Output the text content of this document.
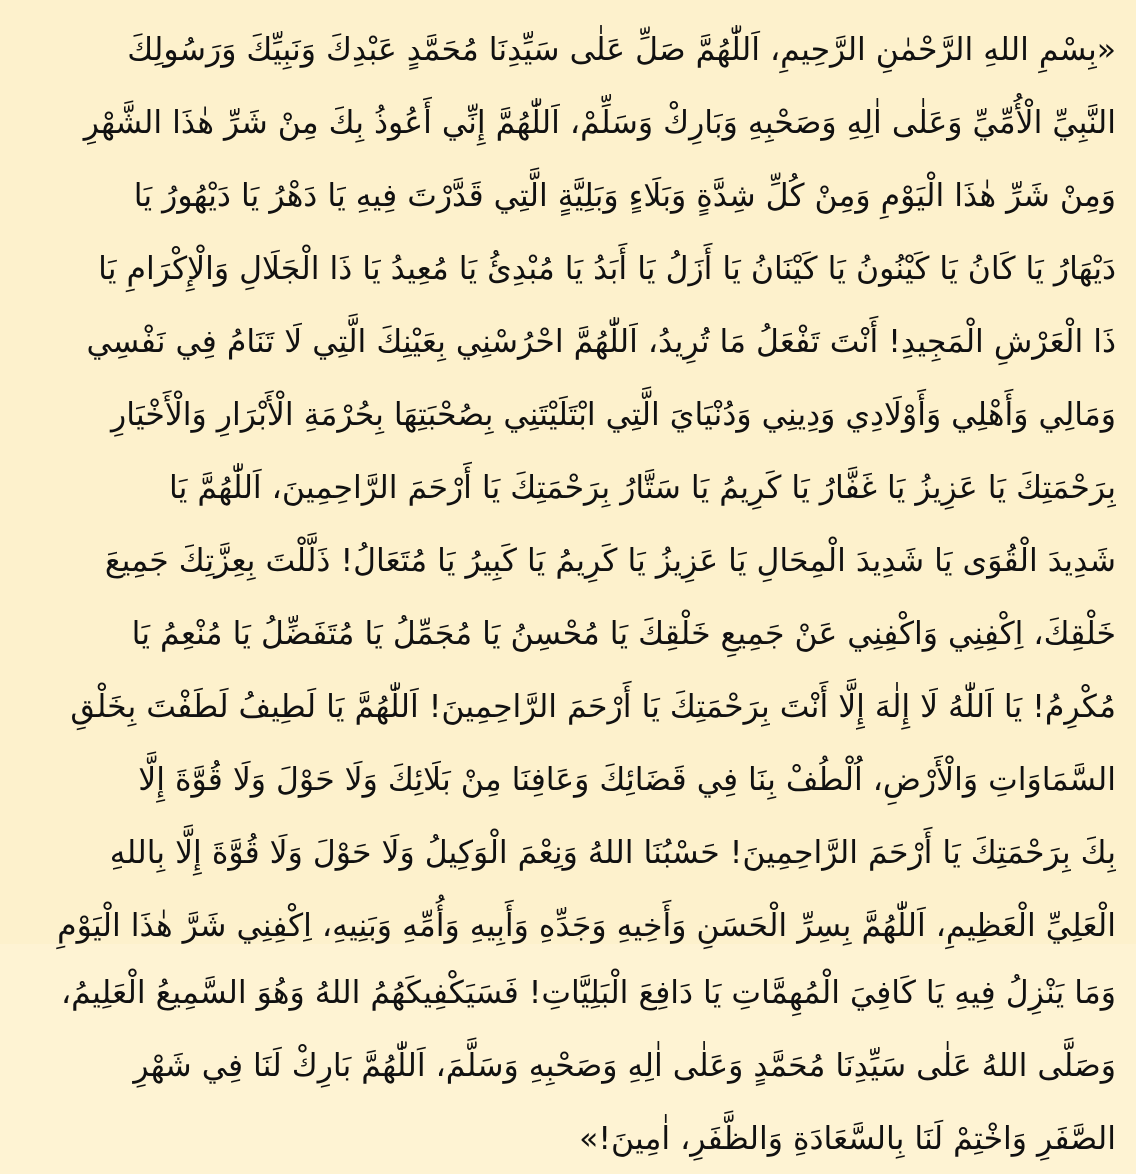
«بِسْمِ اللهِ الرَّحْمٰنِ الرَّحِيمِ، اَللّٰهُمَّ صَلِّ عَلٰى سَيِّدِنَا مُحَمَّدٍ عَبْدِكَ وَنَبِيِّكَ وَرَسُولِكَ
النَّبِيِّ الْأُمِّيِّ وَعَلٰى اٰلِهِ وَصَحْبِهِ وَبَارِكْ وَسَلِّمْ، اَللّٰهُمَّ إِنِّي أَعُوذُ بِكَ مِنْ شَرِّ هٰذَا الشَّهْرِ
وَمِنْ شَرِّ هٰذَا الْيَوْمِ وَمِنْ كُلِّ شِدَّةٍ وَبَلَاءٍ وَبَلِيَّةٍ الَّتِي قَدَّرْتَ فِيهِ يَا دَهْرُ يَا دَيْهُورُ يَا
دَيْهَارُ يَا كَانُ يَا كَيْنُونُ يَا كَيْنَانُ يَا أَزَلُ يَا أَبَدُ يَا مُبْدِئُ يَا مُعِيدُ يَا ذَا الْجَلَالِ وَالْإِكْرَامِ يَا
ذَا الْعَرْشِ الْمَجِيدِ! أَنْتَ تَفْعَلُ مَا تُرِيدُ، اَللّٰهُمَّ احْرُسْنِي بِعَيْنِكَ الَّتِي لَا تَنَامُ فِي نَفْسِي
وَمَالِي وَأَهْلِي وَأَوْلَادِي وَدِينِي وَدُنْيَايَ الَّتِي ابْتَلَيْتَنِي بِصُحْبَتِهَا بِحُرْمَةِ الْأَبْرَارِ وَالْأَخْيَارِ
بِرَحْمَتِكَ يَا عَزِيزُ يَا غَفَّارُ يَا كَرِيمُ يَا سَتَّارُ بِرَحْمَتِكَ يَا أَرْحَمَ الرَّاحِمِينَ، اَللّٰهُمَّ يَا
شَدِيدَ الْقُوَى يَا شَدِيدَ الْمِحَالِ يَا عَزِيزُ يَا كَرِيمُ يَا كَبِيرُ يَا مُتَعَالُ! ذَلَّلْتَ بِعِزَّتِكَ جَمِيعَ
خَلْقِكَ، اِكْفِنِي وَاكْفِنِي عَنْ جَمِيعِ خَلْقِكَ يَا مُحْسِنُ يَا مُجَمِّلُ يَا مُتَفَضِّلُ يَا مُنْعِمُ يَا
مُكْرِمُ! يَا اَللّٰهُ لَا إِلٰهَ إِلَّا أَنْتَ بِرَحْمَتِكَ يَا أَرْحَمَ الرَّاحِمِينَ! اَللّٰهُمَّ يَا لَطِيفُ لَطَفْتَ بِخَلْقِ
السَّمَاوَاتِ وَالْأَرْضِ، اُلْطُفْ بِنَا فِي قَضَائِكَ وَعَافِنَا مِنْ بَلَائِكَ وَلَا حَوْلَ وَلَا قُوَّةَ إِلَّا
بِكَ بِرَحْمَتِكَ يَا أَرْحَمَ الرَّاحِمِينَ! حَسْبُنَا اللهُ وَنِعْمَ الْوَكِيلُ وَلَا حَوْلَ وَلَا قُوَّةَ إِلَّا بِاللهِ
الْعَلِيِّ الْعَظِيمِ، اَللّٰهُمَّ بِسِرِّ الْحَسَنِ وَأَخِيهِ وَجَدِّهِ وَأَبِيهِ وَأُمِّهِ وَبَنِيهِ، اِكْفِنِي شَرَّ هٰذَا الْيَوْمِ
وَمَا يَنْزِلُ فِيهِ يَا كَافِيَ الْمُهِمَّاتِ يَا دَافِعَ الْبَلِيَّاتِ! فَسَيَكْفِيكَهُمُ اللهُ وَهُوَ السَّمِيعُ الْعَلِيمُ،
وَصَلَّى اللهُ عَلٰى سَيِّدِنَا مُحَمَّدٍ وَعَلٰى اٰلِهِ وَصَحْبِهِ وَسَلَّمَ، اَللّٰهُمَّ بَارِكْ لَنَا فِي شَهْرِ
الصَّفَرِ وَاخْتِمْ لَنَا بِالسَّعَادَةِ وَالظَّفَرِ، اٰمِينَ!»
